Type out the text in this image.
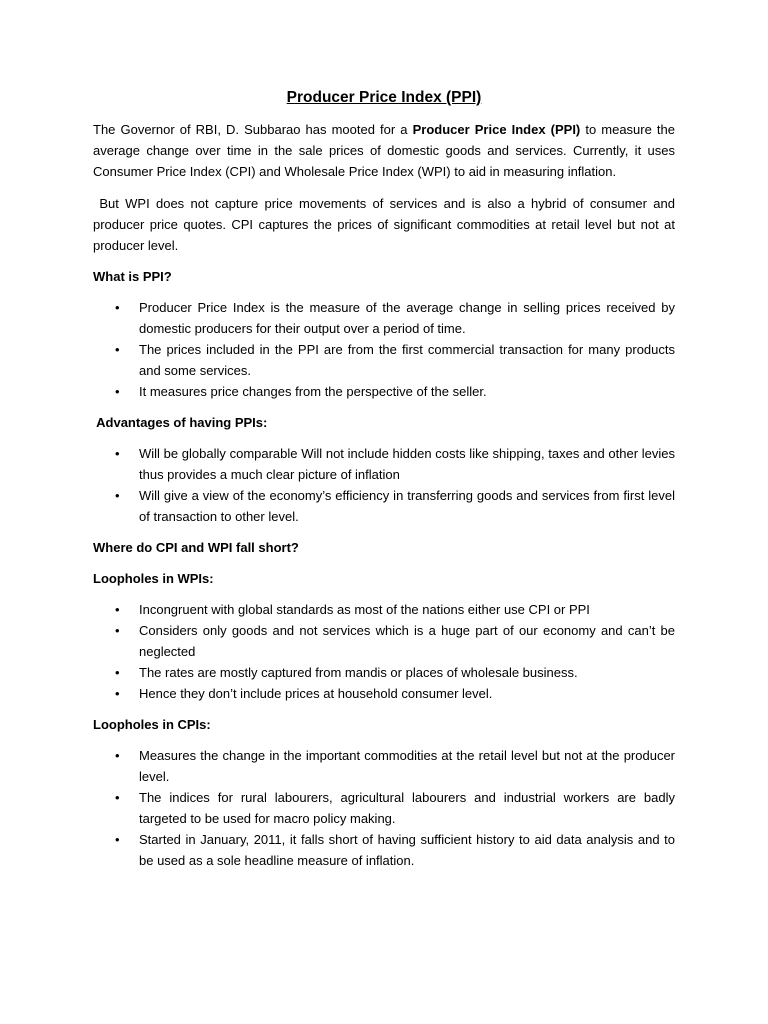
Producer Price Index (PPI)

The Governor of RBI, D. Subbarao has mooted for a Producer Price Index (PPI) to measure the average change over time in the sale prices of domestic goods and services. Currently, it uses Consumer Price Index (CPI) and Wholesale Price Index (WPI) to aid in measuring inflation.

But WPI does not capture price movements of services and is also a hybrid of consumer and producer price quotes. CPI captures the prices of significant commodities at retail level but not at producer level.

What is PPI?
• Producer Price Index is the measure of the average change in selling prices received by domestic producers for their output over a period of time.
• The prices included in the PPI are from the first commercial transaction for many products and some services.
• It measures price changes from the perspective of the seller.
Advantages of having PPIs:
• Will be globally comparable Will not include hidden costs like shipping, taxes and other levies thus provides a much clear picture of inflation
• Will give a view of the economy’s efficiency in transferring goods and services from first level of transaction to other level.
Where do CPI and WPI fall short?
Loopholes in WPIs:
• Incongruent with global standards as most of the nations either use CPI or PPI
• Considers only goods and not services which is a huge part of our economy and can’t be neglected
• The rates are mostly captured from mandis or places of wholesale business.
• Hence they don’t include prices at household consumer level.
Loopholes in CPIs:
• Measures the change in the important commodities at the retail level but not at the producer level.
• The indices for rural labourers, agricultural labourers and industrial workers are badly targeted to be used for macro policy making.
• Started in January, 2011, it falls short of having sufficient history to aid data analysis and to be used as a sole headline measure of inflation.
